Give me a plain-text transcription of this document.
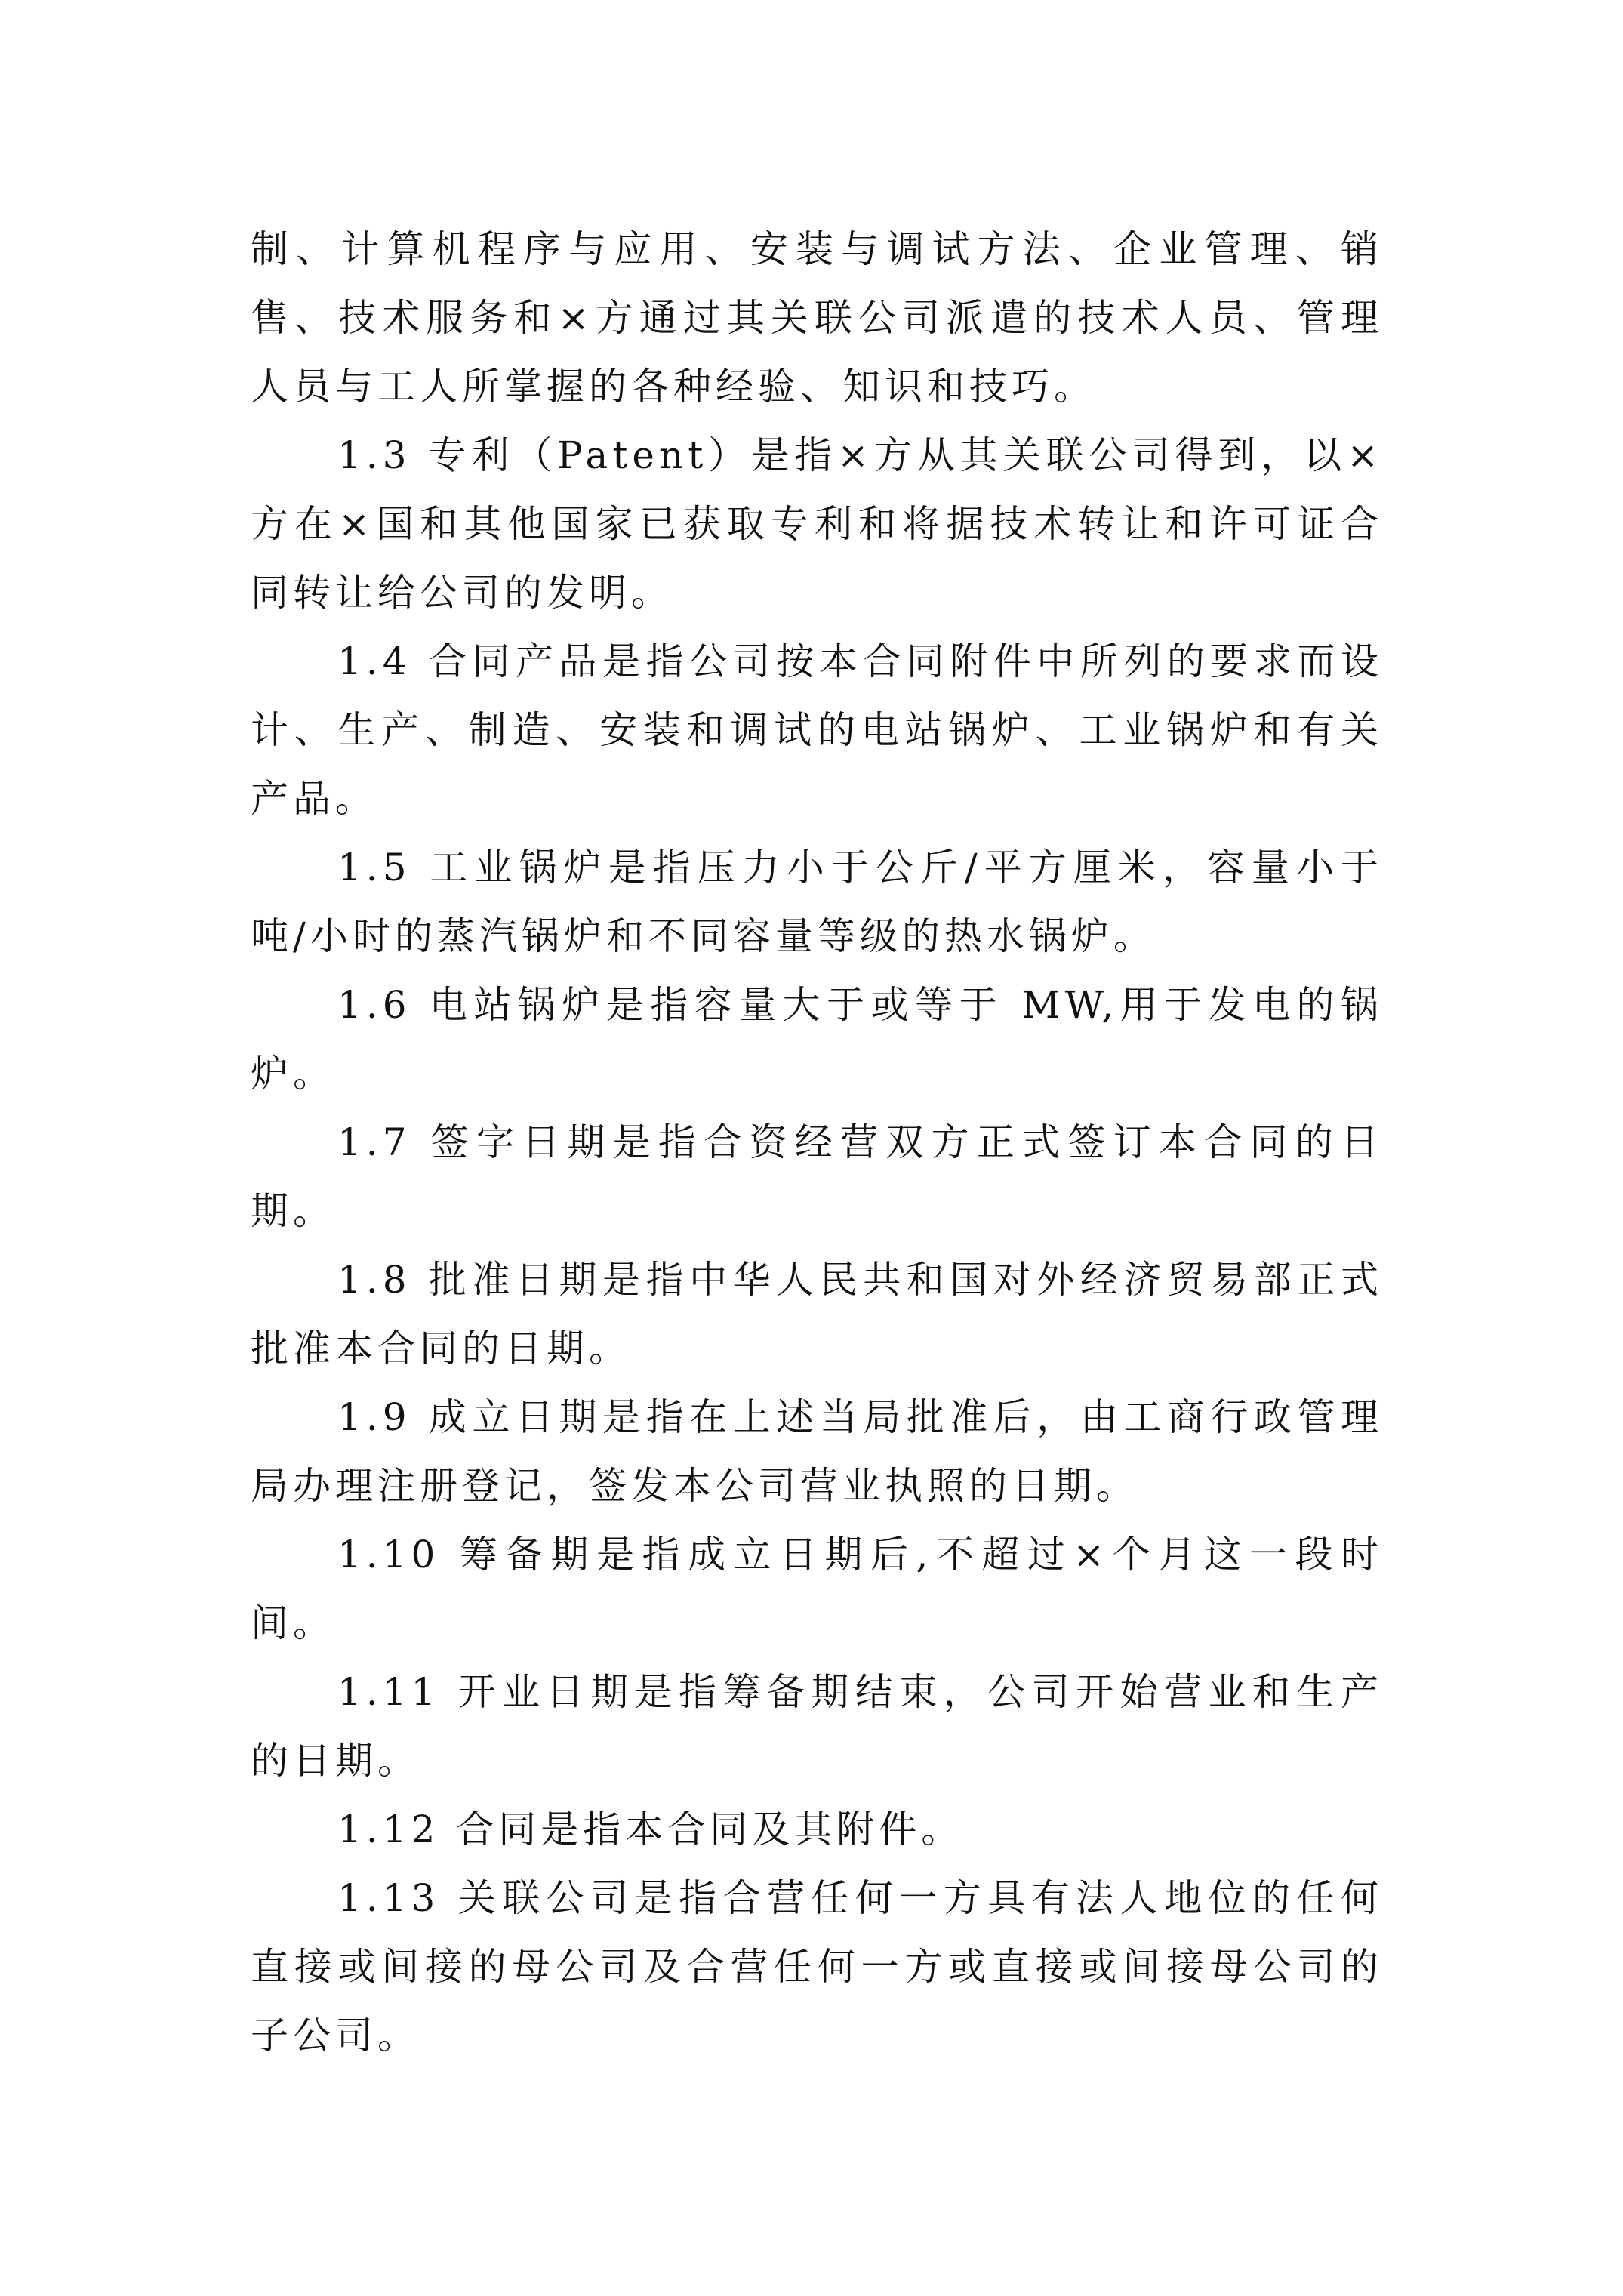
制、计算机程序与应用、安装与调试方法、企业管理、销售、技术服务和×方通过其关联公司派遣的技术人员、管理人员与工人所掌握的各种经验、知识和技巧。

1.3 专利（Patent）是指×方从其关联公司得到，以×方在×国和其他国家已获取专利和将据技术转让和许可证合同转让给公司的发明。

1.4 合同产品是指公司按本合同附件中所列的要求而设计、生产、制造、安装和调试的电站锅炉、工业锅炉和有关产品。

1.5 工业锅炉是指压力小于公斤/平方厘米，容量小于吨/小时的蒸汽锅炉和不同容量等级的热水锅炉。

1.6 电站锅炉是指容量大于或等于 MW,用于发电的锅炉。

1.7 签字日期是指合资经营双方正式签订本合同的日期。

1.8 批准日期是指中华人民共和国对外经济贸易部正式批准本合同的日期。

1.9 成立日期是指在上述当局批准后，由工商行政管理局办理注册登记，签发本公司营业执照的日期。

1.10 筹备期是指成立日期后,不超过×个月这一段时间。

1.11 开业日期是指筹备期结束，公司开始营业和生产的日期。

1.12 合同是指本合同及其附件。

1.13 关联公司是指合营任何一方具有法人地位的任何直接或间接的母公司及合营任何一方或直接或间接母公司的子公司。
